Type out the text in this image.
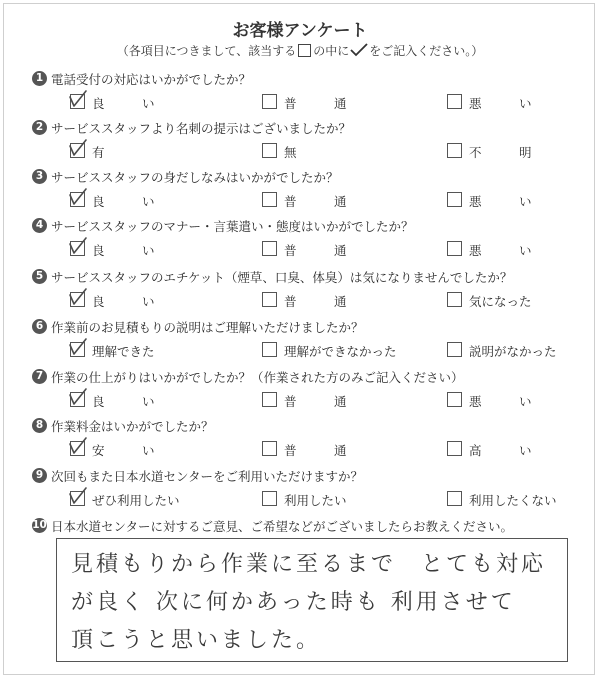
お客様アンケート
（各項目につきまして、該当する の中に をご記入ください。）
1 電話受付の対応はいかがでしたか？
良　　　い	普　　　通	悪　　　い
2 サービススタッフより名刺の提示はございましたか？
有	無	不　　　明
3 サービススタッフの身だしなみはいかがでしたか？
良　　　い	普　　　通	悪　　　い
4 サービススタッフのマナー・言葉遣い・態度はいかがでしたか？
良　　　い	普　　　通	悪　　　い
5 サービススタッフのエチケット（煙草、口臭、体臭）は気になりませんでしたか？
良　　　い	普　　　通	気になった
6 作業前のお見積もりの説明はご理解いただけましたか？
理解できた	理解ができなかった	説明がなかった
7 作業の仕上がりはいかがでしたか？（作業された方のみご記入ください）
良　　　い	普　　　通	悪　　　い
8 作業料金はいかがでしたか？
安　　　い	普　　　通	高　　　い
9 次回もまた日本水道センターをご利用いただけますか？
ぜひ利用したい	利用したい	利用したくない
10 日本水道センターに対するご意見、ご希望などがございましたらお教えください。
見積もりから作業に至るまで　とても対応
が良く 次に何かあった時も 利用させて
頂こうと思いました。
